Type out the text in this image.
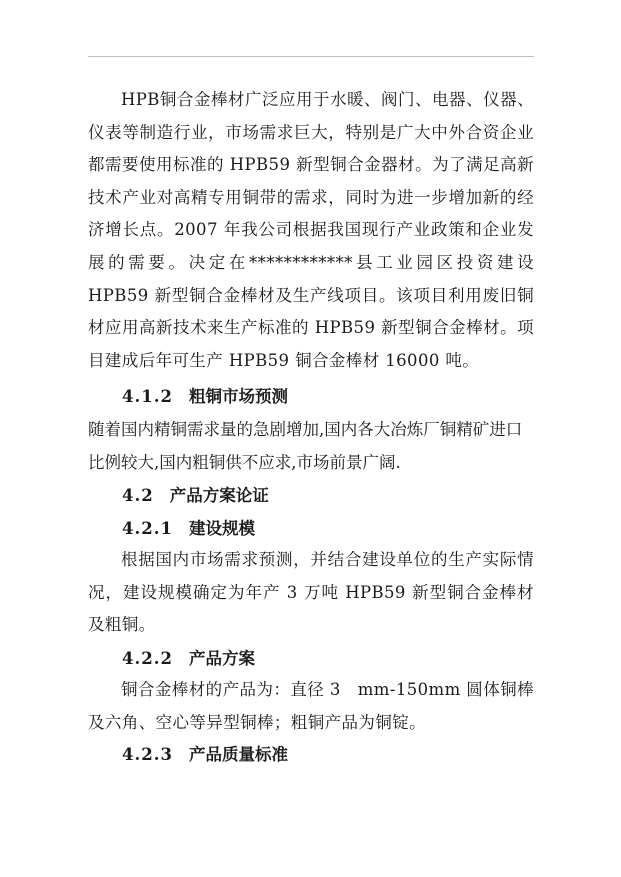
HPB铜合金棒材广泛应用于水暖、阀门、电器、仪器、仪表等制造行业，市场需求巨大，特别是广大中外合资企业都需要使用标准的 HPB59 新型铜合金器材。为了满足高新技术产业对高精专用铜带的需求，同时为进一步增加新的经济增长点。2007 年我公司根据我国现行产业政策和企业发展的需要。决定在************县工业园区投资建设 HPB59 新型铜合金棒材及生产线项目。该项目利用废旧铜材应用高新技术来生产标准的 HPB59 新型铜合金棒材。项目建成后年可生产 HPB59 铜合金棒材 16000 吨。

4.1.2 粗铜市场预测

随着国内精铜需求量的急剧增加,国内各大冶炼厂铜精矿进口比例较大,国内粗铜供不应求,市场前景广阔.

4.2 产品方案论证
4.2.1 建设规模

根据国内市场需求预测，并结合建设单位的生产实际情况，建设规模确定为年产 3 万吨 HPB59 新型铜合金棒材及粗铜。

4.2.2 产品方案

铜合金棒材的产品为：直径 3　mm-150mm 圆体铜棒及六角、空心等异型铜棒；粗铜产品为铜锭。

4.2.3 产品质量标准
